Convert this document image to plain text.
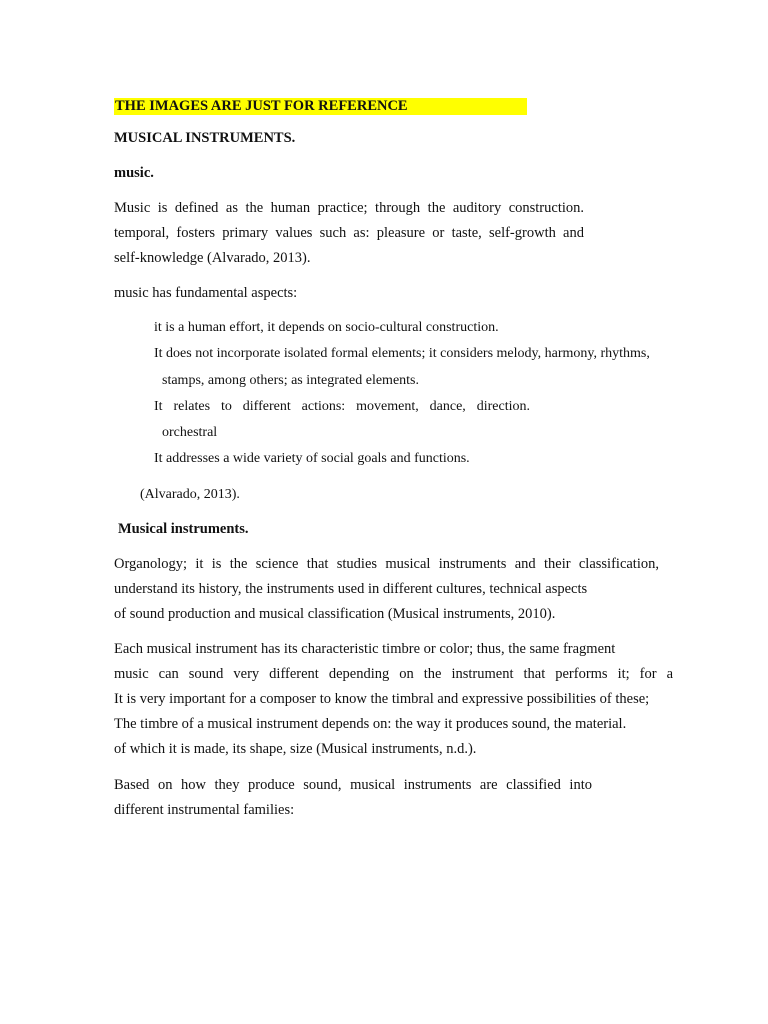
THE IMAGES ARE JUST FOR REFERENCE
MUSICAL INSTRUMENTS.
music.
Music is defined as the human practice; through the auditory construction.
temporal, fosters primary values such as: pleasure or taste, self-growth and
self-knowledge (Alvarado, 2013).
music has fundamental aspects:
it is a human effort, it depends on socio-cultural construction.
It does not incorporate isolated formal elements; it considers melody, harmony, rhythms,
stamps, among others; as integrated elements.
It relates to different actions: movement, dance, direction.
orchestral
It addresses a wide variety of social goals and functions.
(Alvarado, 2013).
Musical instruments.
Organology; it is the science that studies musical instruments and their classification,
understand its history, the instruments used in different cultures, technical aspects
of sound production and musical classification (Musical instruments, 2010).
Each musical instrument has its characteristic timbre or color; thus, the same fragment
music can sound very different depending on the instrument that performs it; for a
It is very important for a composer to know the timbral and expressive possibilities of these;
The timbre of a musical instrument depends on: the way it produces sound, the material.
of which it is made, its shape, size (Musical instruments, n.d.).
Based on how they produce sound, musical instruments are classified into
different instrumental families:
